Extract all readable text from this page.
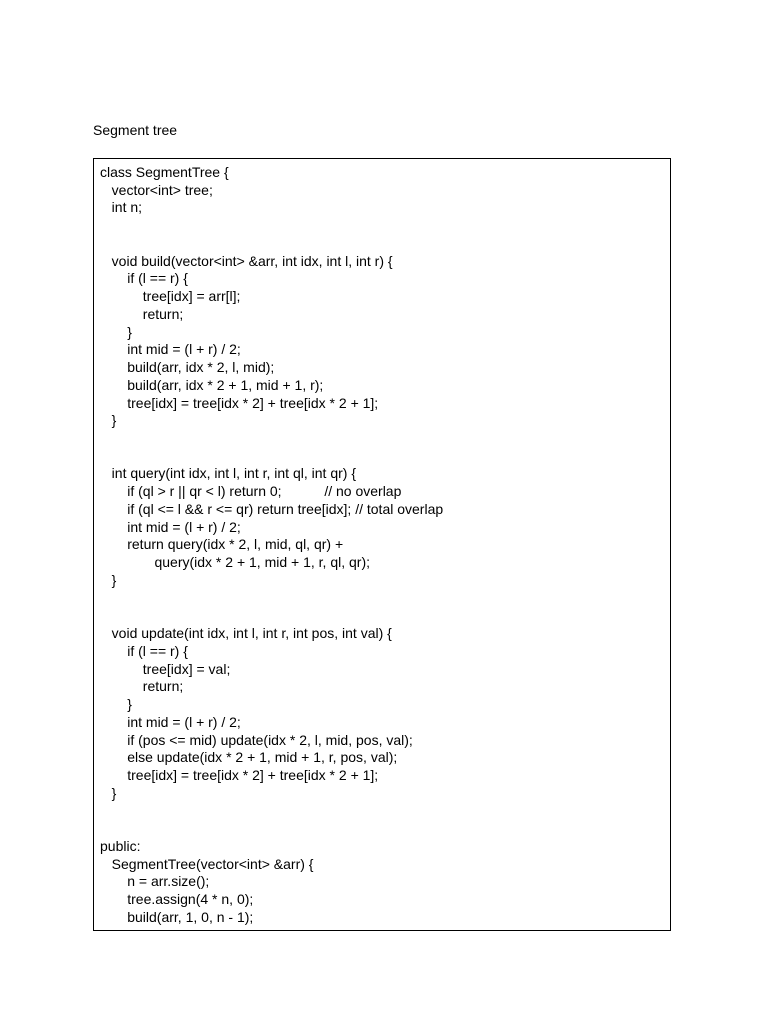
Segment tree
class SegmentTree {
vector<int> tree;
int n;
void build(vector<int> &arr, int idx, int l, int r) {
if (l == r) {
tree[idx] = arr[l];
return;
}
int mid = (l + r) / 2;
build(arr, idx * 2, l, mid);
build(arr, idx * 2 + 1, mid + 1, r);
tree[idx] = tree[idx * 2] + tree[idx * 2 + 1];
}
int query(int idx, int l, int r, int ql, int qr) {
if (ql > r || qr < l) return 0;           // no overlap
if (ql <= l && r <= qr) return tree[idx]; // total overlap
int mid = (l + r) / 2;
return query(idx * 2, l, mid, ql, qr) +
query(idx * 2 + 1, mid + 1, r, ql, qr);
}
void update(int idx, int l, int r, int pos, int val) {
if (l == r) {
tree[idx] = val;
return;
}
int mid = (l + r) / 2;
if (pos <= mid) update(idx * 2, l, mid, pos, val);
else update(idx * 2 + 1, mid + 1, r, pos, val);
tree[idx] = tree[idx * 2] + tree[idx * 2 + 1];
}
public:
SegmentTree(vector<int> &arr) {
n = arr.size();
tree.assign(4 * n, 0);
build(arr, 1, 0, n - 1);
